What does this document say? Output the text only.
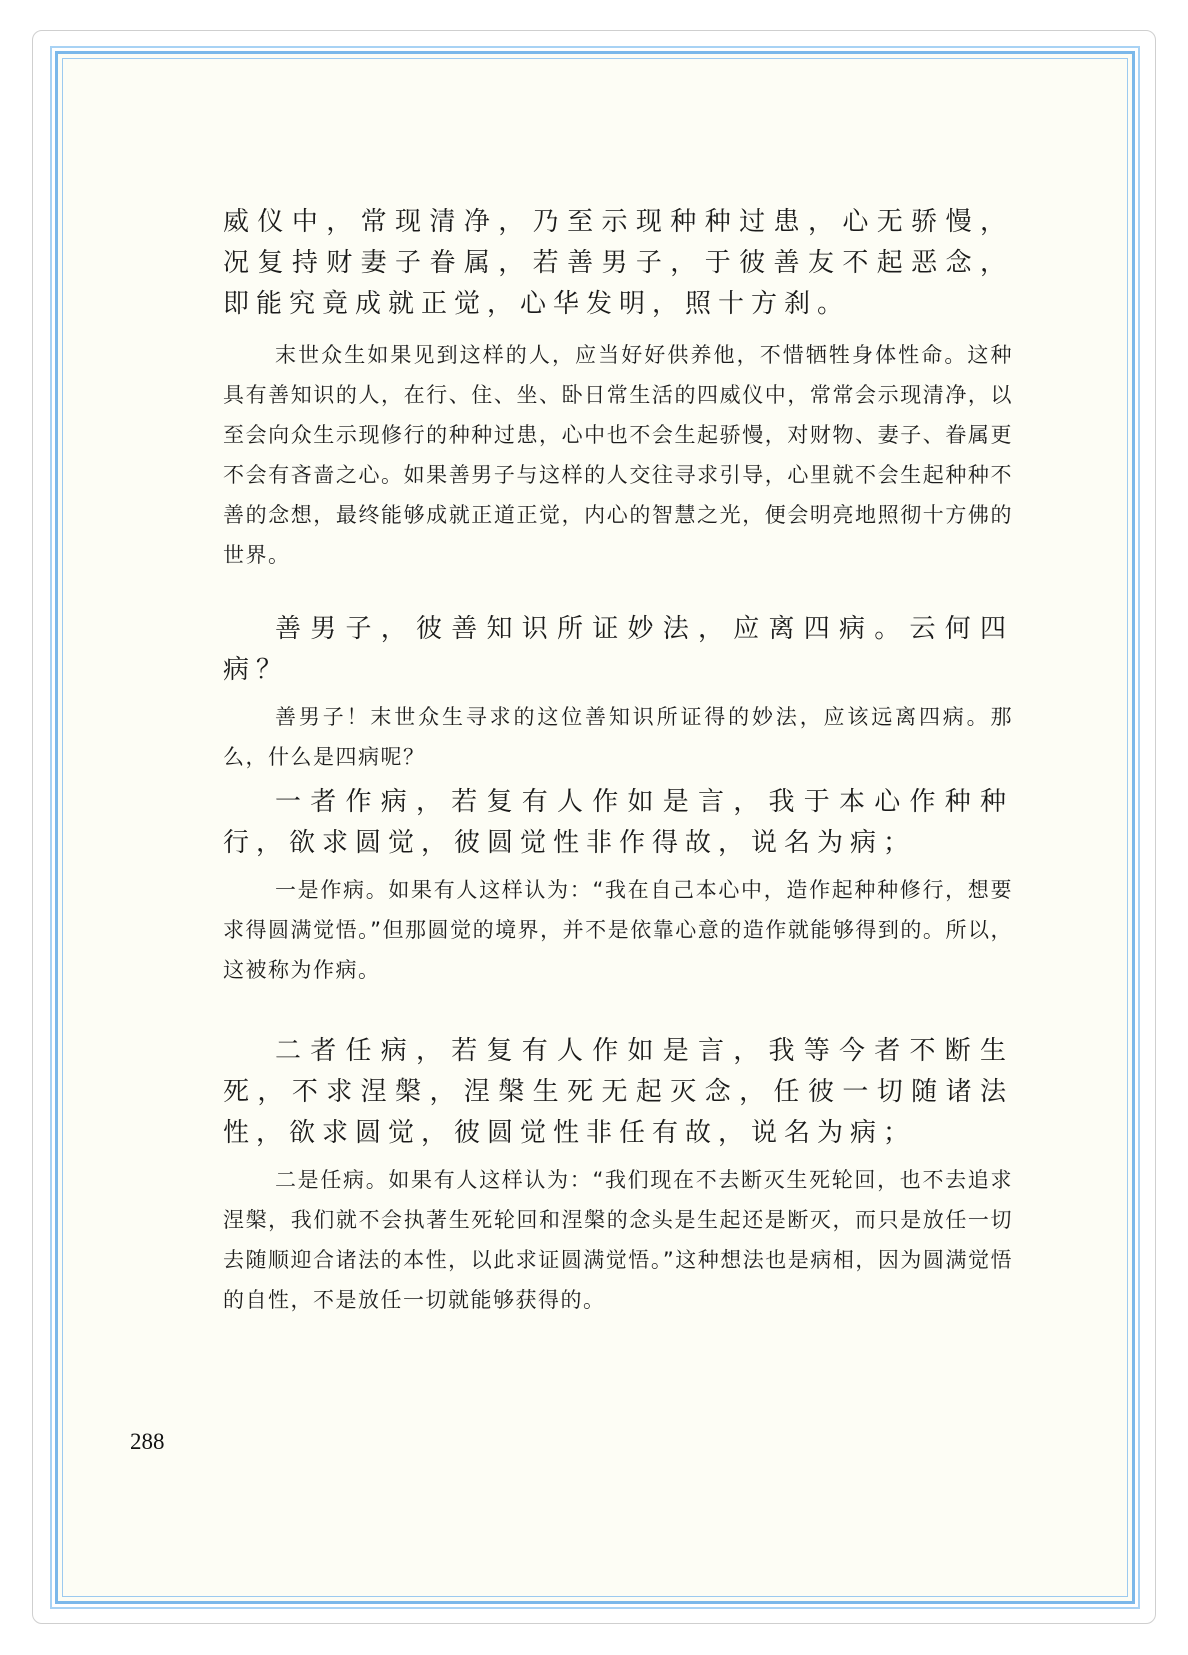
威仪中，常现清净，乃至示现种种过患，心无骄慢，况复持财妻子眷属，若善男子，于彼善友不起恶念，即能究竟成就正觉，心华发明，照十方刹。

末世众生如果见到这样的人，应当好好供养他，不惜牺牲身体性命。这种具有善知识的人，在行、住、坐、卧日常生活的四威仪中，常常会示现清净，以至会向众生示现修行的种种过患，心中也不会生起骄慢，对财物、妻子、眷属更不会有吝啬之心。如果善男子与这样的人交往寻求引导，心里就不会生起种种不善的念想，最终能够成就正道正觉，内心的智慧之光，便会明亮地照彻十方佛的世界。

善男子，彼善知识所证妙法，应离四病。云何四病？

善男子！末世众生寻求的这位善知识所证得的妙法，应该远离四病。那么，什么是四病呢？

一者作病，若复有人作如是言，我于本心作种种行，欲求圆觉，彼圆觉性非作得故，说名为病；

一是作病。如果有人这样认为：“我在自己本心中，造作起种种修行，想要求得圆满觉悟。”但那圆觉的境界，并不是依靠心意的造作就能够得到的。所以，这被称为作病。

二者任病，若复有人作如是言，我等今者不断生死，不求涅槃，涅槃生死无起灭念，任彼一切随诸法性，欲求圆觉，彼圆觉性非任有故，说名为病；

二是任病。如果有人这样认为：“我们现在不去断灭生死轮回，也不去追求涅槃，我们就不会执著生死轮回和涅槃的念头是生起还是断灭，而只是放任一切去随顺迎合诸法的本性，以此求证圆满觉悟。”这种想法也是病相，因为圆满觉悟的自性，不是放任一切就能够获得的。

288
